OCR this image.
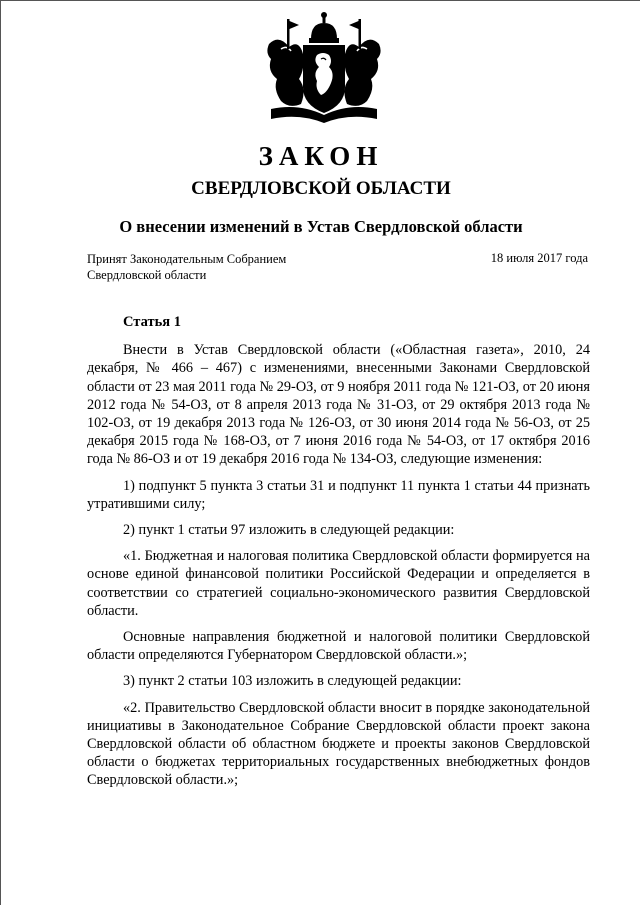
ЗАКОН
СВЕРДЛОВСКОЙ ОБЛАСТИ
О внесении изменений в Устав Свердловской области
Принят Законодательным Собранием
Свердловской области
18 июля 2017 года
Статья 1

Внести в Устав Свердловской области («Областная газета», 2010, 24 декабря, № 466 – 467) с изменениями, внесенными Законами Свердловской области от 23 мая 2011 года № 29-ОЗ, от 9 ноября 2011 года № 121-ОЗ, от 20 июня 2012 года № 54-ОЗ, от 8 апреля 2013 года № 31-ОЗ, от 29 октября 2013 года № 102-ОЗ, от 19 декабря 2013 года № 126-ОЗ, от 30 июня 2014 года № 56-ОЗ, от 25 декабря 2015 года № 168-ОЗ, от 7 июня 2016 года № 54-ОЗ, от 17 октября 2016 года № 86-ОЗ и от 19 декабря 2016 года № 134-ОЗ, следующие изменения:

1) подпункт 5 пункта 3 статьи 31 и подпункт 11 пункта 1 статьи 44 признать утратившими силу;

2) пункт 1 статьи 97 изложить в следующей редакции:

«1. Бюджетная и налоговая политика Свердловской области формируется на основе единой финансовой политики Российской Федерации и определяется в соответствии со стратегией социально-экономического развития Свердловской области.

Основные направления бюджетной и налоговой политики Свердловской области определяются Губернатором Свердловской области.»;

3) пункт 2 статьи 103 изложить в следующей редакции:

«2. Правительство Свердловской области вносит в порядке законодательной инициативы в Законодательное Собрание Свердловской области проект закона Свердловской области об областном бюджете и проекты законов Свердловской области о бюджетах территориальных государственных внебюджетных фондов Свердловской области.»;
